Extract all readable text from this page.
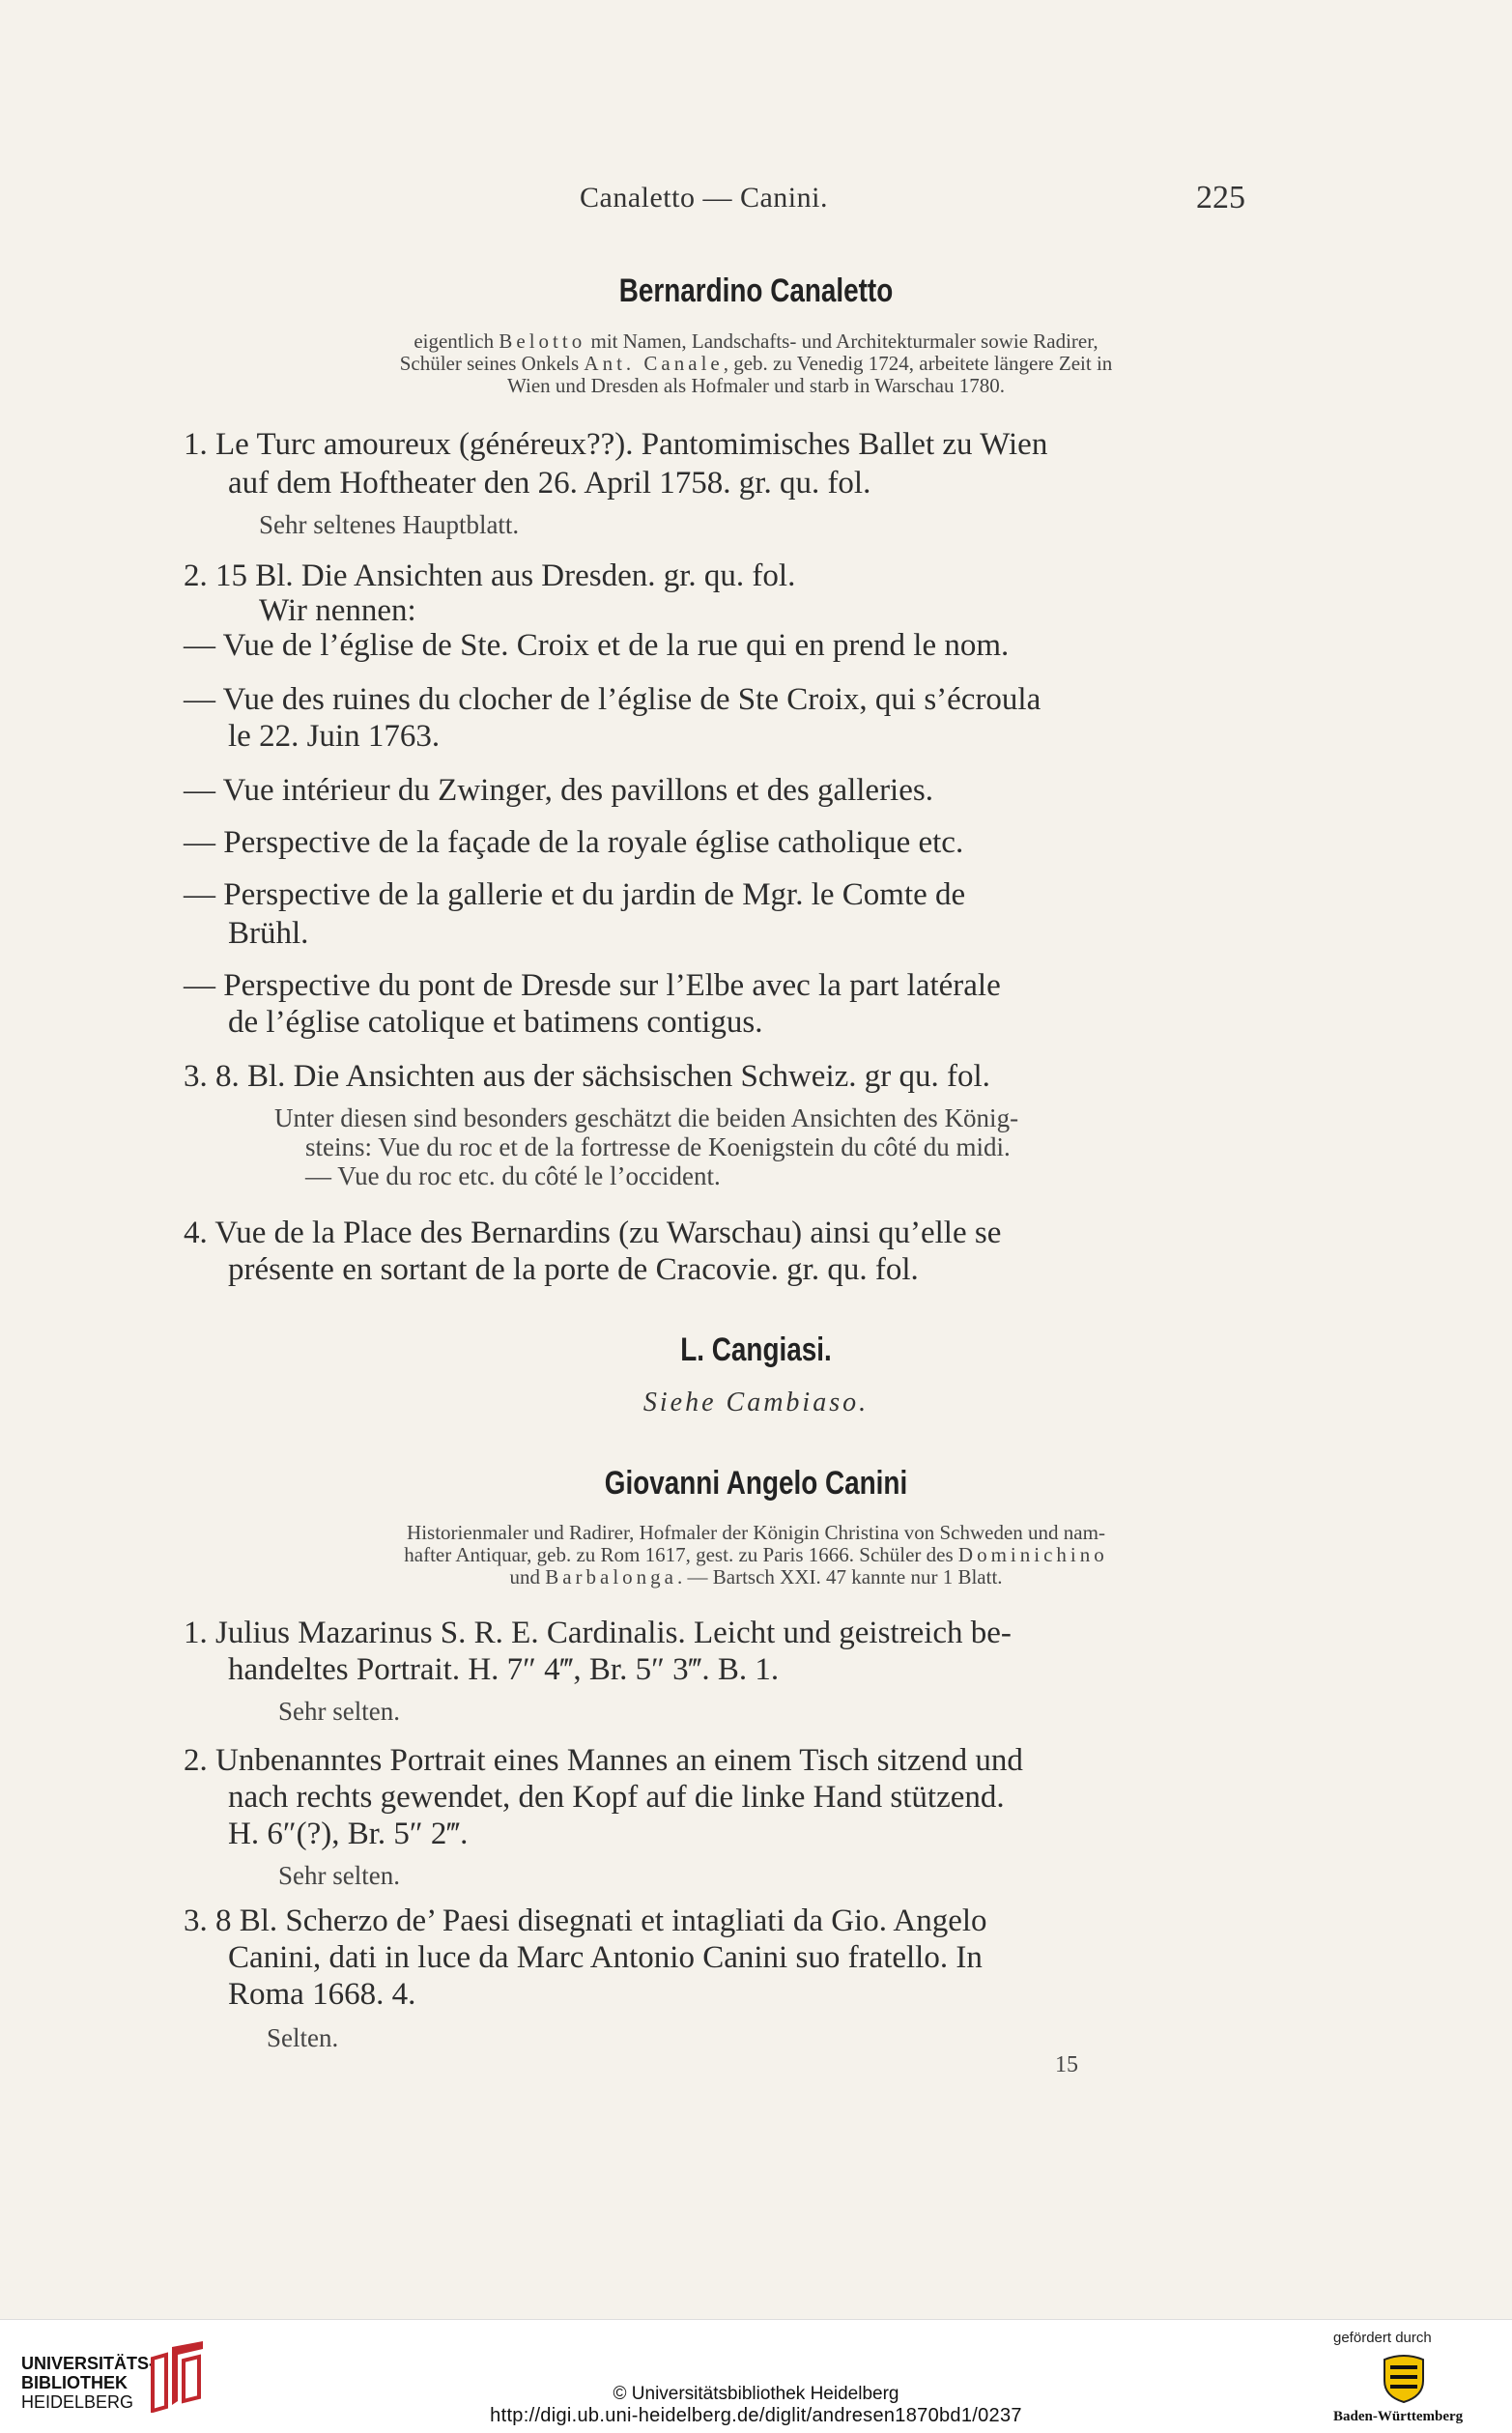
Canaletto — Canini.	225
Bernardino Canaletto
eigentlich Belotto mit Namen, Landschafts- und Architekturmaler sowie Radirer,
Schüler seines Onkels Ant. Canale, geb. zu Venedig 1724, arbeitete längere Zeit in
Wien und Dresden als Hofmaler und starb in Warschau 1780.
1. Le Turc amoureux (généreux??). Pantomimisches Ballet zu Wien
auf dem Hoftheater den 26. April 1758. gr. qu. fol.
Sehr seltenes Hauptblatt.
2. 15 Bl. Die Ansichten aus Dresden. gr. qu. fol.
Wir nennen:
— Vue de l’église de Ste. Croix et de la rue qui en prend le nom.
— Vue des ruines du clocher de l’église de Ste Croix, qui s’écroula
le 22. Juin 1763.
— Vue intérieur du Zwinger, des pavillons et des galleries.
— Perspective de la façade de la royale église catholique etc.
— Perspective de la gallerie et du jardin de Mgr. le Comte de
Brühl.
— Perspective du pont de Dresde sur l’Elbe avec la part latérale
de l’église catolique et batimens contigus.
3. 8. Bl. Die Ansichten aus der sächsischen Schweiz. gr qu. fol.
Unter diesen sind besonders geschätzt die beiden Ansichten des König-
steins: Vue du roc et de la fortresse de Koenigstein du côté du midi.
— Vue du roc etc. du côté le l’occident.
4. Vue de la Place des Bernardins (zu Warschau) ainsi qu’elle se
présente en sortant de la porte de Cracovie. gr. qu. fol.
L. Cangiasi.
Siehe Cambiaso.
Giovanni Angelo Canini
Historienmaler und Radirer, Hofmaler der Königin Christina von Schweden und nam-
hafter Antiquar, geb. zu Rom 1617, gest. zu Paris 1666. Schüler des Dominichino
und Barbalonga. — Bartsch XXI. 47 kannte nur 1 Blatt.
1. Julius Mazarinus S. R. E. Cardinalis. Leicht und geistreich be-
handeltes Portrait. H. 7″ 4‴, Br. 5″ 3‴. B. 1.
Sehr selten.
2. Unbenanntes Portrait eines Mannes an einem Tisch sitzend und
nach rechts gewendet, den Kopf auf die linke Hand stützend.
H. 6″(?), Br. 5″ 2‴.
Sehr selten.
3. 8 Bl. Scherzo de’ Paesi disegnati et intagliati da Gio. Angelo
Canini, dati in luce da Marc Antonio Canini suo fratello. In
Roma 1668. 4.
Selten.
15
UNIVERSITÄTS-
BIBLIOTHEK
HEIDELBERG	© Universitätsbibliothek Heidelberg
http://digi.ub.uni-heidelberg.de/diglit/andresen1870bd1/0237
gefördert durch
Baden-Württemberg
